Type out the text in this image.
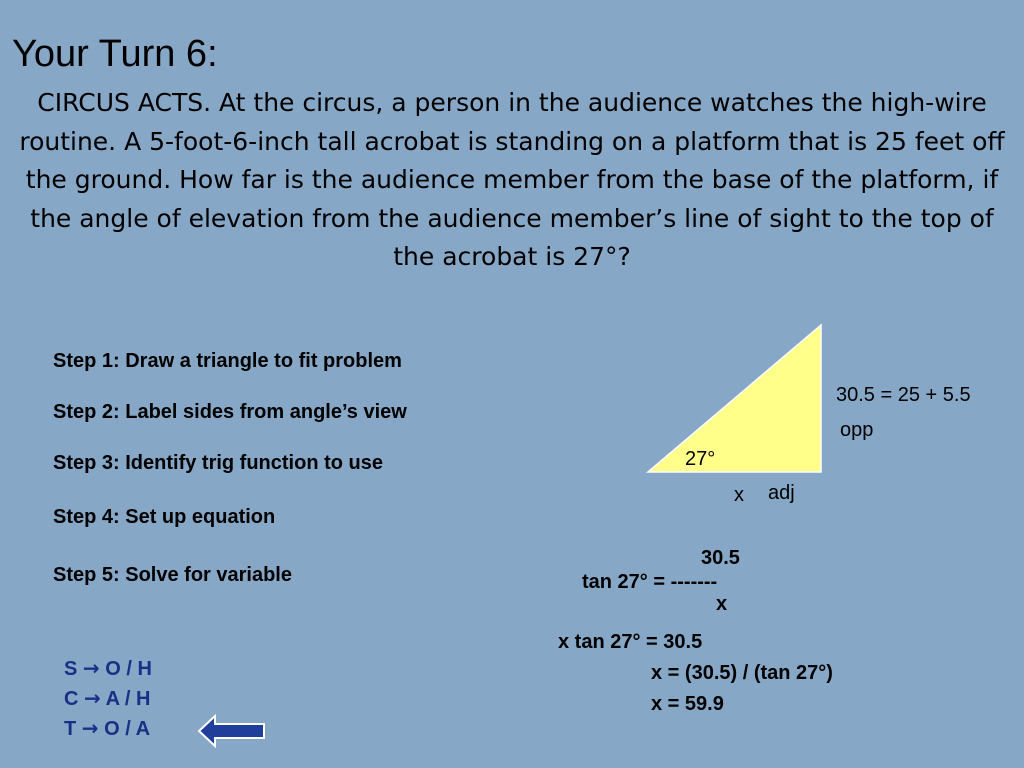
Your Turn 6:
CIRCUS ACTS. At the circus, a person in the audience watches the high-wire routine. A 5-foot-6-inch tall acrobat is standing on a platform that is 25 feet off the ground. How far is the audience member from the base of the platform, if the angle of elevation from the audience member’s line of sight to the top of the acrobat is 27°?
Step 1: Draw a triangle to fit problem
Step 2: Label sides from angle’s view
Step 3: Identify trig function to use
Step 4: Set up equation
Step 5: Solve for variable
27°
30.5 = 25 + 5.5
opp
x adj
30.5
tan 27° = -------
x
x tan 27° = 30.5
x = (30.5) / (tan 27°)
x = 59.9
S → O / H
C → A / H
T → O / A
